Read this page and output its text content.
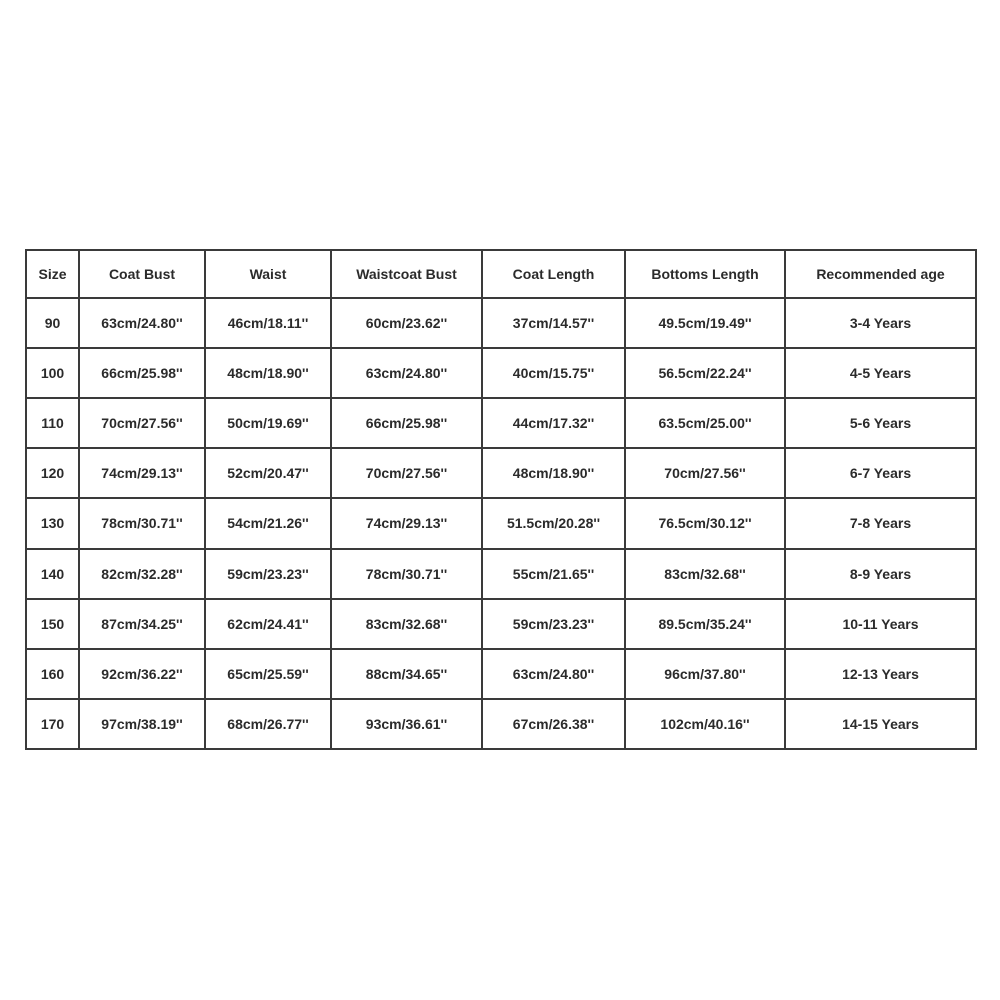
Size	Coat Bust	Waist	Waistcoat Bust	Coat Length	Bottoms Length	Recommended age
90	63cm/24.80''	46cm/18.11''	60cm/23.62''	37cm/14.57''	49.5cm/19.49''	3-4 Years
100	66cm/25.98''	48cm/18.90''	63cm/24.80''	40cm/15.75''	56.5cm/22.24''	4-5 Years
110	70cm/27.56''	50cm/19.69''	66cm/25.98''	44cm/17.32''	63.5cm/25.00''	5-6 Years
120	74cm/29.13''	52cm/20.47''	70cm/27.56''	48cm/18.90''	70cm/27.56''	6-7 Years
130	78cm/30.71''	54cm/21.26''	74cm/29.13''	51.5cm/20.28''	76.5cm/30.12''	7-8 Years
140	82cm/32.28''	59cm/23.23''	78cm/30.71''	55cm/21.65''	83cm/32.68''	8-9 Years
150	87cm/34.25''	62cm/24.41''	83cm/32.68''	59cm/23.23''	89.5cm/35.24''	10-11 Years
160	92cm/36.22''	65cm/25.59''	88cm/34.65''	63cm/24.80''	96cm/37.80''	12-13 Years
170	97cm/38.19''	68cm/26.77''	93cm/36.61''	67cm/26.38''	102cm/40.16''	14-15 Years
